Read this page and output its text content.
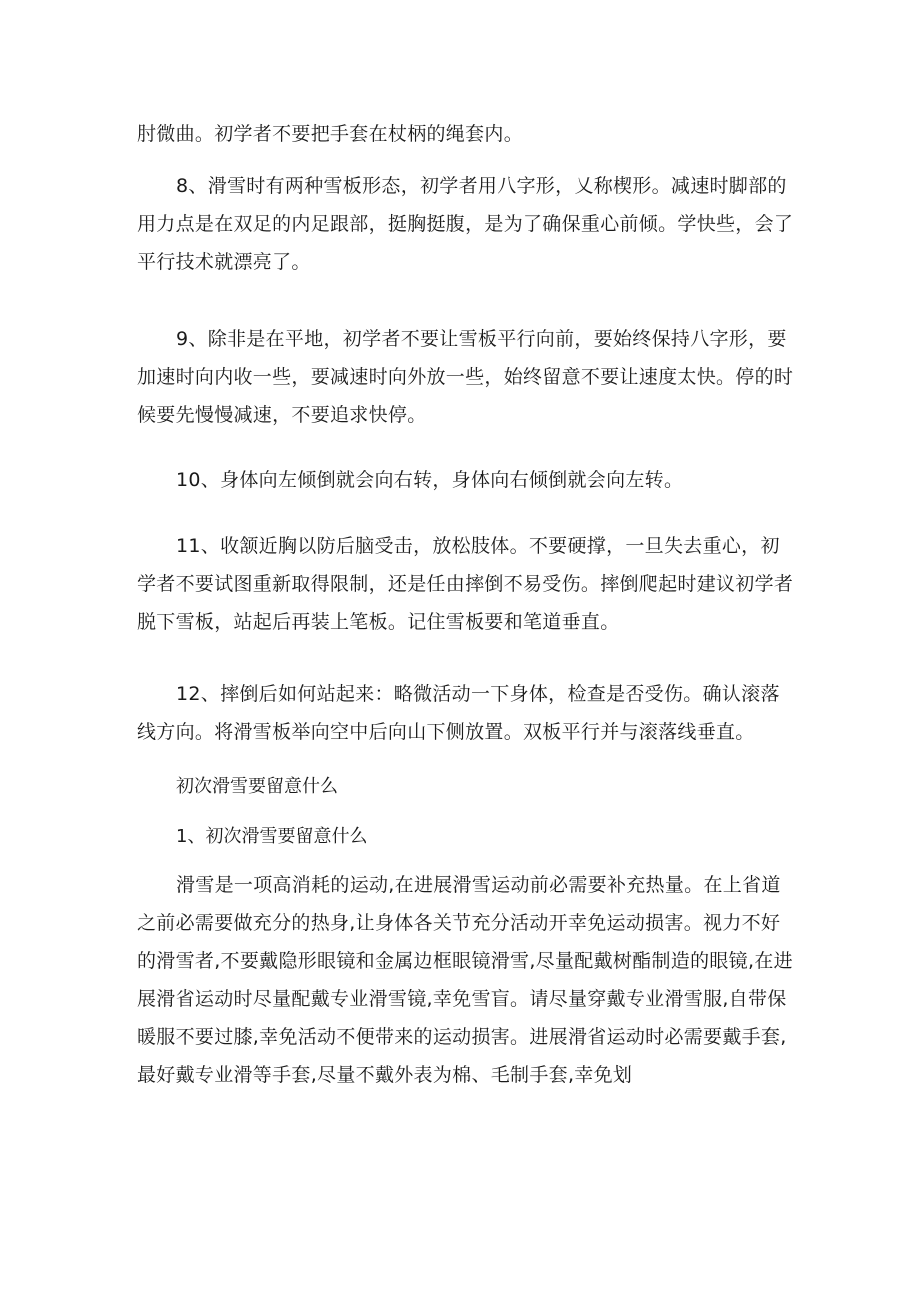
肘微曲。初学者不要把手套在杖柄的绳套内。

8、滑雪时有两种雪板形态，初学者用八字形，乂称楔形。减速时脚部的用力点是在双足的内足跟部，挺胸挺腹，是为了确保重心前倾。学快些，会了平行技术就漂亮了。

9、除非是在平地，初学者不要让雪板平行向前，要始终保持八字形，要加速时向内收一些，要减速时向外放一些，始终留意不要让速度太快。停的时候要先慢慢减速，不要追求快停。

10、身体向左倾倒就会向右转，身体向右倾倒就会向左转。

11、收颔近胸以防后脑受击，放松肢体。不要硬撑，一旦失去重心，初学者不要试图重新取得限制，还是任由摔倒不易受伤。摔倒爬起时建议初学者脱下雪板，站起后再装上笔板。记住雪板要和笔道垂直。

12、摔倒后如何站起来：略微活动一下身体，检查是否受伤。确认滚落线方向。将滑雪板举向空中后向山下侧放置。双板平行并与滚落线垂直。

初次滑雪要留意什么

1、初次滑雪要留意什么

滑雪是一项高消耗的运动,在进展滑雪运动前必需要补充热量。在上省道之前必需要做充分的热身,让身体各关节充分活动开幸免运动损害。视力不好的滑雪者,不要戴隐形眼镜和金属边框眼镜滑雪,尽量配戴树酯制造的眼镜,在进展滑省运动时尽量配戴专业滑雪镜,幸免雪盲。请尽量穿戴专业滑雪服,自带保暖服不要过膝,幸免活动不便带来的运动损害。进展滑省运动时必需要戴手套,最好戴专业滑等手套,尽量不戴外表为棉、毛制手套,幸免划
